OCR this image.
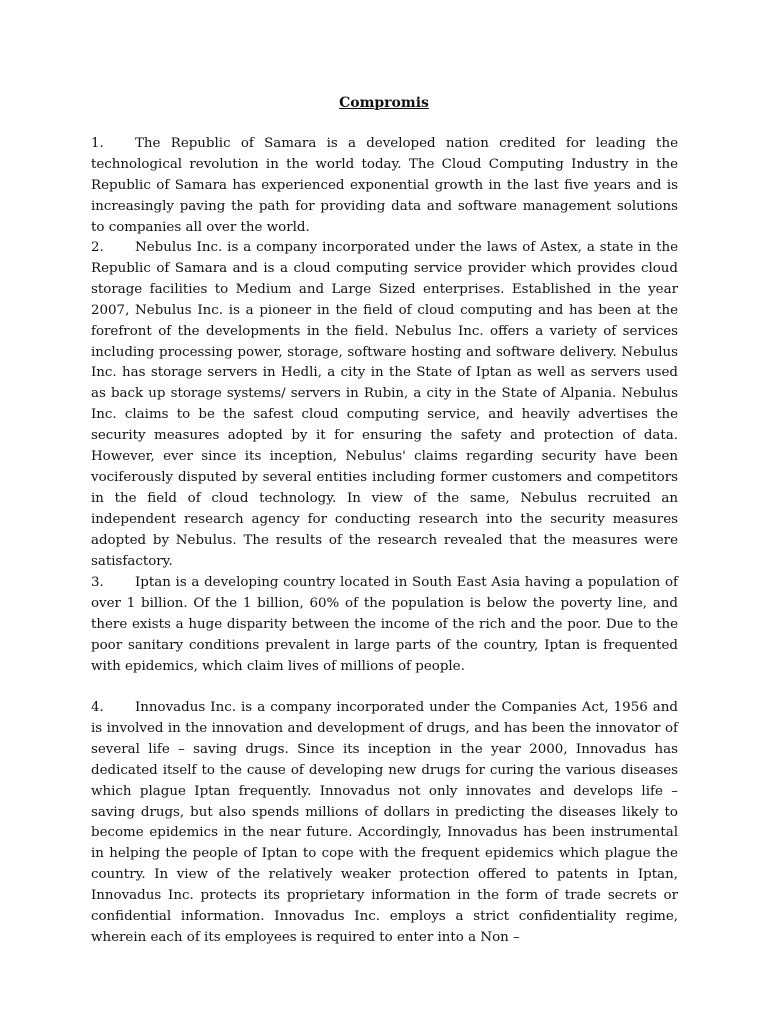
Compromis

1. The Republic of Samara is a developed nation credited for leading the technological revolution in the world today. The Cloud Computing Industry in the Republic of Samara has experienced exponential growth in the last five years and is increasingly paving the path for providing data and software management solutions to companies all over the world.

2. Nebulus Inc. is a company incorporated under the laws of Astex, a state in the Republic of Samara and is a cloud computing service provider which provides cloud storage facilities to Medium and Large Sized enterprises. Established in the year 2007, Nebulus Inc. is a pioneer in the field of cloud computing and has been at the forefront of the developments in the field. Nebulus Inc. offers a variety of services including processing power, storage, software hosting and software delivery. Nebulus Inc. has storage servers in Hedli, a city in the State of Iptan as well as servers used as back up storage systems/ servers in Rubin, a city in the State of Alpania. Nebulus Inc. claims to be the safest cloud computing service, and heavily advertises the security measures adopted by it for ensuring the safety and protection of data. However, ever since its inception, Nebulus' claims regarding security have been vociferously disputed by several entities including former customers and competitors in the field of cloud technology. In view of the same, Nebulus recruited an independent research agency for conducting research into the security measures adopted by Nebulus. The results of the research revealed that the measures were satisfactory.

3. Iptan is a developing country located in South East Asia having a population of over 1 billion. Of the 1 billion, 60% of the population is below the poverty line, and there exists a huge disparity between the income of the rich and the poor. Due to the poor sanitary conditions prevalent in large parts of the country, Iptan is frequented with epidemics, which claim lives of millions of people.

4. Innovadus Inc. is a company incorporated under the Companies Act, 1956 and is involved in the innovation and development of drugs, and has been the innovator of several life – saving drugs. Since its inception in the year 2000, Innovadus has dedicated itself to the cause of developing new drugs for curing the various diseases which plague Iptan frequently. Innovadus not only innovates and develops life – saving drugs, but also spends millions of dollars in predicting the diseases likely to become epidemics in the near future. Accordingly, Innovadus has been instrumental in helping the people of Iptan to cope with the frequent epidemics which plague the country. In view of the relatively weaker protection offered to patents in Iptan, Innovadus Inc. protects its proprietary information in the form of trade secrets or confidential information. Innovadus Inc. employs a strict confidentiality regime, wherein each of its employees is required to enter into a Non –
